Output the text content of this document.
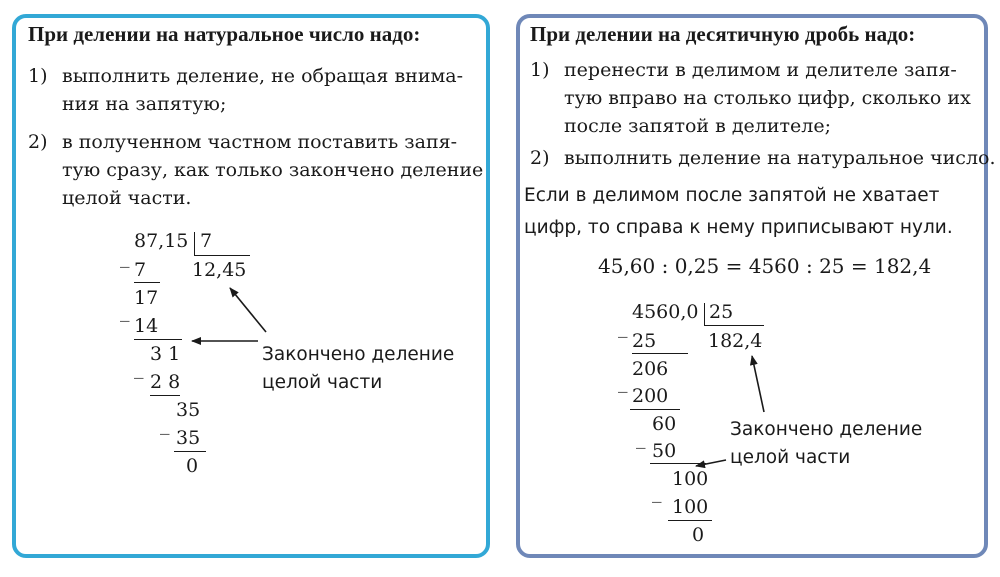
При делении на натуральное число надо:
1) выполнить деление, не обращая внима-
ния на запятую;
2) в полученном частном поставить запя-
тую сразу, как только закончено деление
целой части.
87,15 7
12,45
_
7
17
_
14
3 1
_
2 8
35
_
35
0
Закончено деление
целой части
При делении на десятичную дробь надо:
1) перенести в делимом и делителе запя-
тую вправо на столько цифр, сколько их
после запятой в делителе;
2) выполнить деление на натуральное число.
Если в делимом после запятой не хватает
цифр, то справа к нему приписывают нули.
45,60 : 0,25 = 4560 : 25 = 182,4
4560,0 25
182,4
_
25
206
_
200
60
_
50
100
_
100
0
Закончено деление
целой части
